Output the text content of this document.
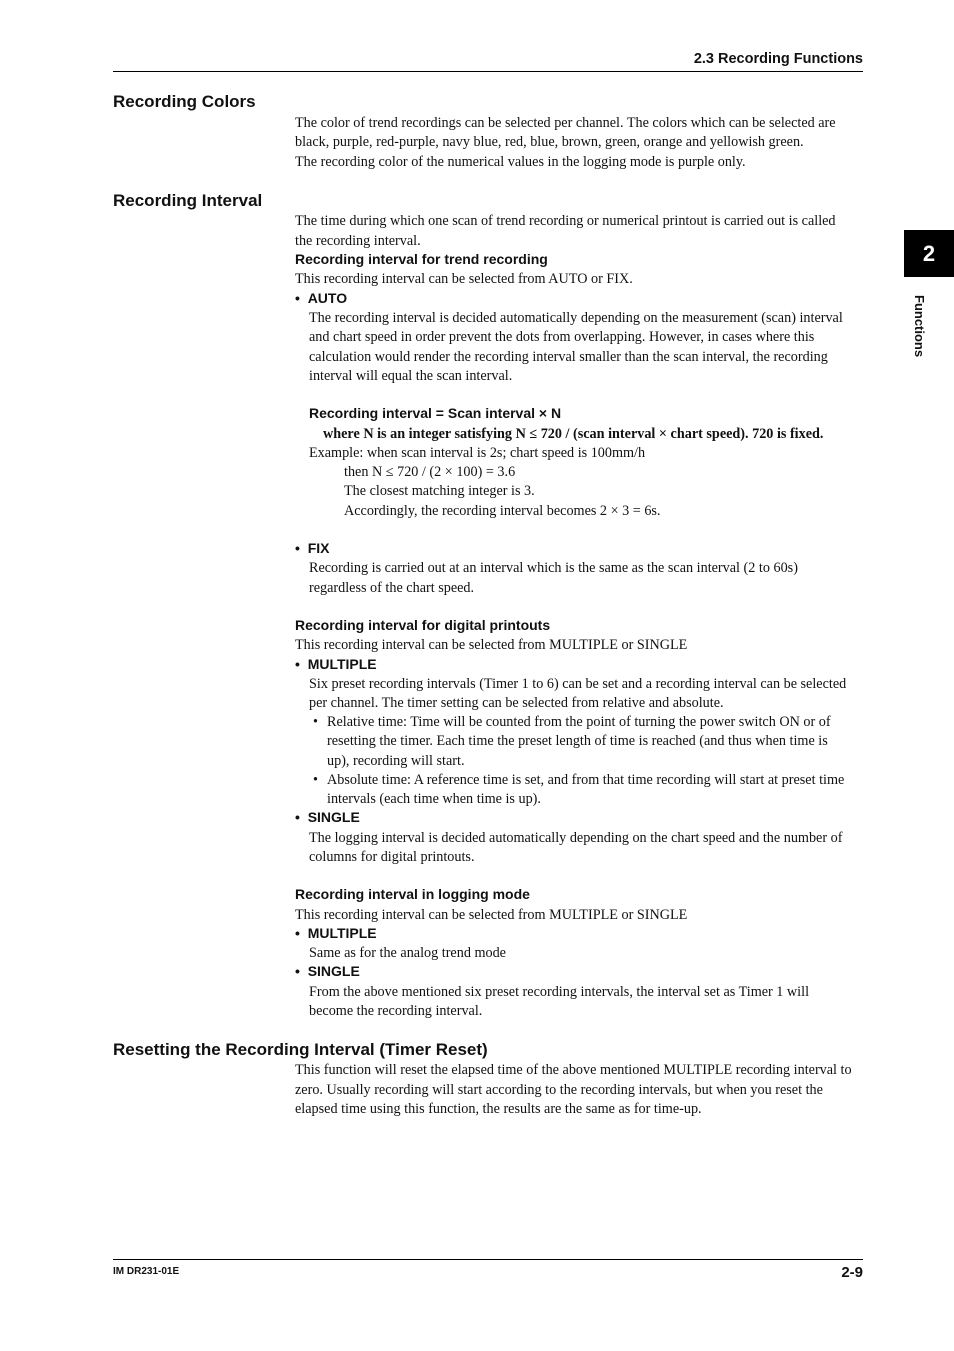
2.3 Recording Functions
2
Functions
Recording Colors
The color of trend recordings can be selected per channel. The colors which can be selected are
black, purple, red-purple, navy blue, red, blue, brown, green, orange and yellowish green.
The recording color of the numerical values in the logging mode is purple only.
Recording Interval
The time during which one scan of trend recording or numerical printout is carried out is called
the recording interval.
Recording interval for trend recording
This recording interval can be selected from AUTO or FIX.
•  AUTO
The recording interval is decided automatically depending on the measurement (scan) interval
and chart speed in order prevent the dots from overlapping. However, in cases where this
calculation would render the recording interval smaller than the scan interval, the recording
interval will equal the scan interval.
Recording interval = Scan interval × N
where N is an integer satisfying N ≤ 720 / (scan interval × chart speed). 720 is fixed.
Example: when scan interval is 2s; chart speed is 100mm/h
then N ≤ 720 / (2 × 100) = 3.6
The closest matching integer is 3.
Accordingly, the recording interval becomes 2 × 3 = 6s.
•  FIX
Recording is carried out at an interval which is the same as the scan interval (2 to 60s)
regardless of the chart speed.
Recording interval for digital printouts
This recording interval can be selected from MULTIPLE or SINGLE
•  MULTIPLE
Six preset recording intervals (Timer 1 to 6) can be set and a recording interval can be selected
per channel. The timer setting can be selected from relative and absolute.
• Relative time: Time will be counted from the point of turning the power switch ON or of
resetting the timer. Each time the preset length of time is reached (and thus when time is
up), recording will start.
• Absolute time: A reference time is set, and from that time recording will start at preset time
intervals (each time when time is up).
•  SINGLE
The logging interval is decided automatically depending on the chart speed and the number of
columns for digital printouts.
Recording interval in logging mode
This recording interval can be selected from MULTIPLE or SINGLE
•  MULTIPLE
Same as for the analog trend mode
•  SINGLE
From the above mentioned six preset recording intervals, the interval set as Timer 1 will
become the recording interval.
Resetting the Recording Interval (Timer Reset)
This function will reset the elapsed time of the above mentioned MULTIPLE recording interval to
zero. Usually recording will start according to the recording intervals, but when you reset the
elapsed time using this function, the results are the same as for time-up.
IM DR231-01E	2-9
